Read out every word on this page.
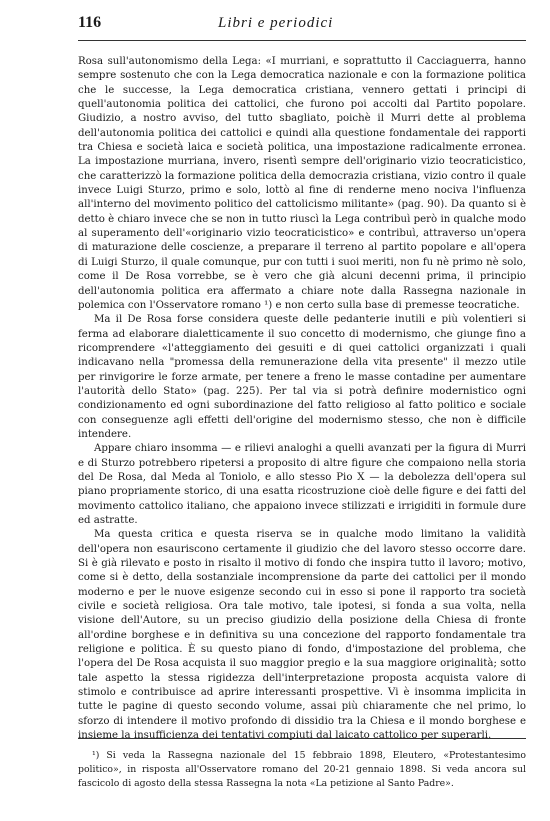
116	Libri e periodici

Rosa sull'autonomismo della Lega: «I murriani, e soprattutto il Cacciaguerra, hanno sempre sostenuto che con la Lega democratica nazionale e con la formazione politica che le successe, la Lega democratica cristiana, vennero gettati i principi di quell'autonomia politica dei cattolici, che furono poi accolti dal Partito popolare. Giudizio, a nostro avviso, del tutto sbagliato, poichè il Murri dette al problema dell'autonomia politica dei cattolici e quindi alla questione fondamentale dei rapporti tra Chiesa e società laica e società politica, una impostazione radicalmente erronea. La impostazione murriana, invero, risentì sempre dell'originario vizio teocraticistico, che caratterizzò la formazione politica della democrazia cristiana, vizio contro il quale invece Luigi Sturzo, primo e solo, lottò al fine di renderne meno nociva l'influenza all'interno del movimento politico del cattolicismo militante» (pag. 90). Da quanto si è detto è chiaro invece che se non in tutto riuscì la Lega contribuì però in qualche modo al superamento dell'«originario vizio teocraticistico» e contribuì, attraverso un'opera di maturazione delle coscienze, a preparare il terreno al partito popolare e all'opera di Luigi Sturzo, il quale comunque, pur con tutti i suoi meriti, non fu nè primo nè solo, come il De Rosa vorrebbe, se è vero che già alcuni decenni prima, il principio dell'autonomia politica era affermato a chiare note dalla Rassegna nazionale in polemica con l'Osservatore romano ¹) e non certo sulla base di premesse teocratiche.

Ma il De Rosa forse considera queste delle pedanterie inutili e più volentieri si ferma ad elaborare dialetticamente il suo concetto di modernismo, che giunge fino a ricomprendere «l'atteggiamento dei gesuiti e di quei cattolici organizzati i quali indicavano nella "promessa della remunerazione della vita presente" il mezzo utile per rinvigorire le forze armate, per tenere a freno le masse contadine per aumentare l'autorità dello Stato» (pag. 225). Per tal via si potrà definire modernistico ogni condizionamento ed ogni subordinazione del fatto religioso al fatto politico e sociale con conseguenze agli effetti dell'origine del modernismo stesso, che non è difficile intendere.

Appare chiaro insomma — e rilievi analoghi a quelli avanzati per la figura di Murri e di Sturzo potrebbero ripetersi a proposito di altre figure che compaiono nella storia del De Rosa, dal Meda al Toniolo, e allo stesso Pio X — la debolezza dell'opera sul piano propriamente storico, di una esatta ricostruzione cioè delle figure e dei fatti del movimento cattolico italiano, che appaiono invece stilizzati e irrigiditi in formule dure ed astratte.

Ma questa critica e questa riserva se in qualche modo limitano la validità dell'opera non esauriscono certamente il giudizio che del lavoro stesso occorre dare. Si è già rilevato e posto in risalto il motivo di fondo che inspira tutto il lavoro; motivo, come si è detto, della sostanziale incomprensione da parte dei cattolici per il mondo moderno e per le nuove esigenze secondo cui in esso si pone il rapporto tra società civile e società religiosa. Ora tale motivo, tale ipotesi, si fonda a sua volta, nella visione dell'Autore, su un preciso giudizio della posizione della Chiesa di fronte all'ordine borghese e in definitiva su una concezione del rapporto fondamentale tra religione e politica. È su questo piano di fondo, d'impostazione del problema, che l'opera del De Rosa acquista il suo maggior pregio e la sua maggiore originalità; sotto tale aspetto la stessa rigidezza dell'interpretazione proposta acquista valore di stimolo e contribuisce ad aprire interessanti prospettive. Vi è insomma implicita in tutte le pagine di questo secondo volume, assai più chiaramente che nel primo, lo sforzo di intendere il motivo profondo di dissidio tra la Chiesa e il mondo borghese e insieme la insufficienza dei tentativi compiuti dal laicato cattolico per superarli.

¹) Si veda la Rassegna nazionale del 15 febbraio 1898, Eleutero, «Protestantesimo politico», in risposta all'Osservatore romano del 20-21 gennaio 1898. Si veda ancora sul fascicolo di agosto della stessa Rassegna la nota «La petizione al Santo Padre».
